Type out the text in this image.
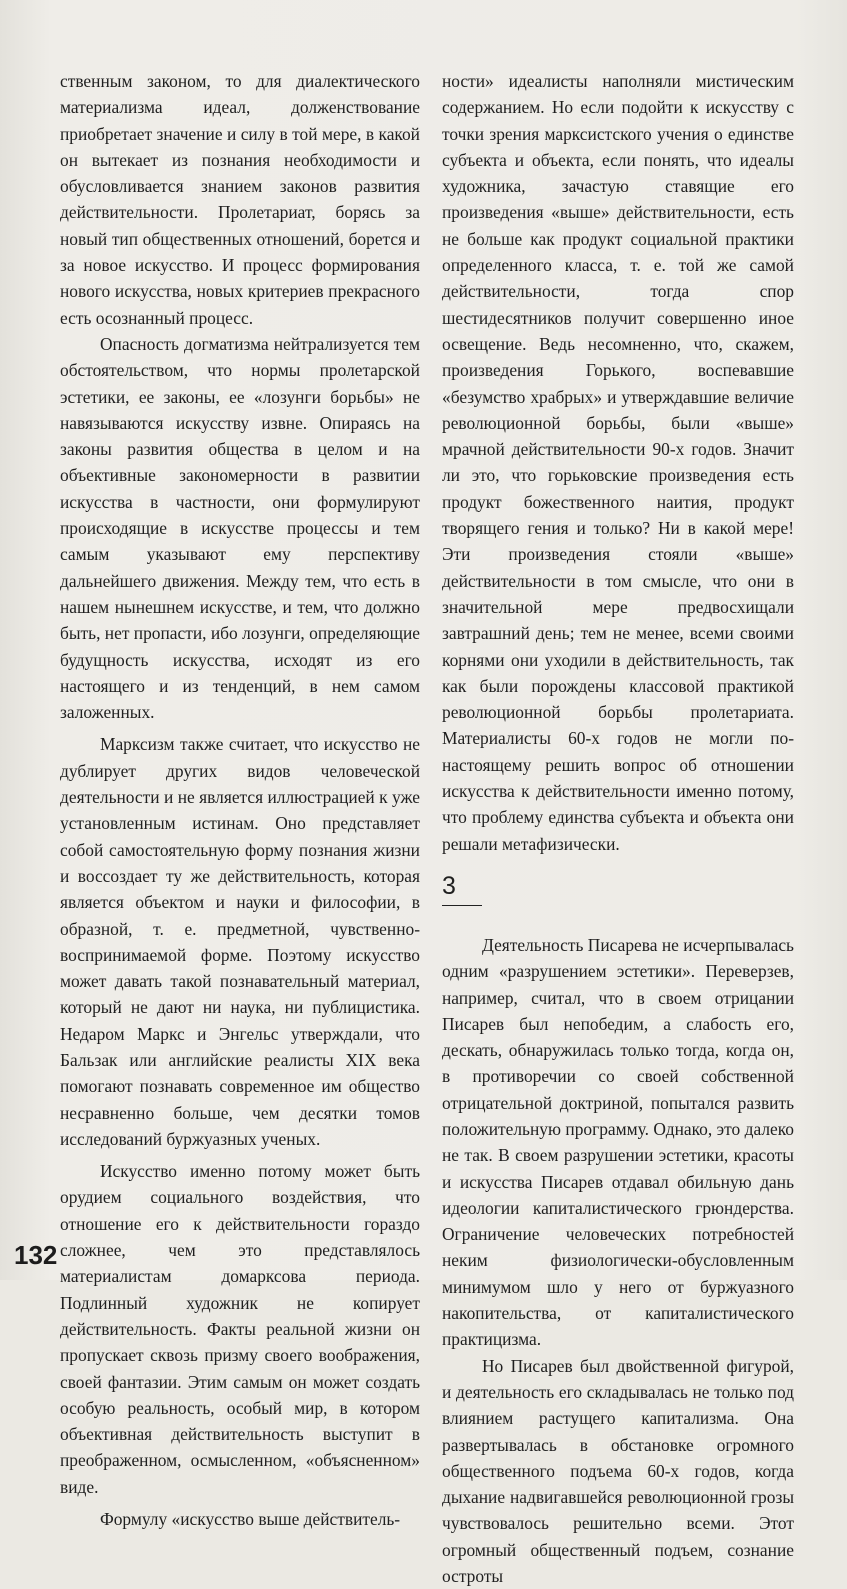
ственным законом, то для диалектического материализма идеал, долженствование приобретает значение и силу в той мере, в какой он вытекает из познания необходимости и обусловливается знанием законов развития действительности. Пролетариат, борясь за новый тип общественных отношений, борется и за новое искусство. И процесс формирования нового искусства, новых критериев прекрасного есть осознанный процесс.

Опасность догматизма нейтрализуется тем обстоятельством, что нормы пролетарской эстетики, ее законы, ее «лозунги борьбы» не навязываются искусству извне. Опираясь на законы развития общества в целом и на объективные закономерности в развитии искусства в частности, они формулируют происходящие в искусстве процессы и тем самым указывают ему перспективу дальнейшего движения. Между тем, что есть в нашем нынешнем искусстве, и тем, что должно быть, нет пропасти, ибо лозунги, определяющие будущность искусства, исходят из его настоящего и из тенденций, в нем самом заложенных.

Марксизм также считает, что искусство не дублирует других видов человеческой деятельности и не является иллюстрацией к уже установленным истинам. Оно представляет собой самостоятельную форму познания жизни и воссоздает ту же действительность, которая является объектом и науки и философии, в образной, т. е. предметной, чувственно-воспринимаемой форме. Поэтому искусство может давать такой познавательный материал, который не дают ни наука, ни публицистика. Недаром Маркс и Энгельс утверждали, что Бальзак или английские реалисты XIX века помогают познавать современное им общество несравненно больше, чем десятки томов исследований буржуазных ученых.

Искусство именно потому может быть орудием социального воздействия, что отношение его к действительности гораздо сложнее, чем это представлялось материалистам домарксова периода. Подлинный художник не копирует действительность. Факты реальной жизни он пропускает сквозь призму своего воображения, своей фантазии. Этим самым он может создать особую реальность, особый мир, в котором объективная действительность выступит в преображенном, осмысленном, «объясненном» виде.

Формулу «искусство выше действитель-

ности» идеалисты наполняли мистическим содержанием. Но если подойти к искусству с точки зрения марксистского учения о единстве субъекта и объекта, если понять, что идеалы художника, зачастую ставящие его произведения «выше» действительности, есть не больше как продукт социальной практики определенного класса, т. е. той же самой действительности, тогда спор шестидесятников получит совершенно иное освещение. Ведь несомненно, что, скажем, произведения Горького, воспевавшие «безумство храбрых» и утверждавшие величие революционной борьбы, были «выше» мрачной действительности 90-х годов. Значит ли это, что горьковские произведения есть продукт божественного наития, продукт творящего гения и только? Ни в какой мере! Эти произведения стояли «выше» действительности в том смысле, что они в значительной мере предвосхищали завтрашний день; тем не менее, всеми своими корнями они уходили в действительность, так как были порождены классовой практикой революционной борьбы пролетариата. Материалисты 60-х годов не могли по-настоящему решить вопрос об отношении искусства к действительности именно потому, что проблему единства субъекта и объекта они решали метафизически.

3

Деятельность Писарева не исчерпывалась одним «разрушением эстетики». Переверзев, например, считал, что в своем отрицании Писарев был непобедим, а слабость его, дескать, обнаружилась только тогда, когда он, в противоречии со своей собственной отрицательной доктриной, попытался развить положительную программу. Однако, это далеко не так. В своем разрушении эстетики, красоты и искусства Писарев отдавал обильную дань идеологии капиталистического грюндерства. Ограничение человеческих потребностей неким физиологически-обусловленным минимумом шло у него от буржуазного накопительства, от капиталистического практицизма.

Но Писарев был двойственной фигурой, и деятельность его складывалась не только под влиянием растущего капитализма. Она развертывалась в обстановке огромного общественного подъема 60-х годов, когда дыхание надвигавшейся революционной грозы чувствовалось решительно всеми. Этот огромный общественный подъем, сознание остроты

132
